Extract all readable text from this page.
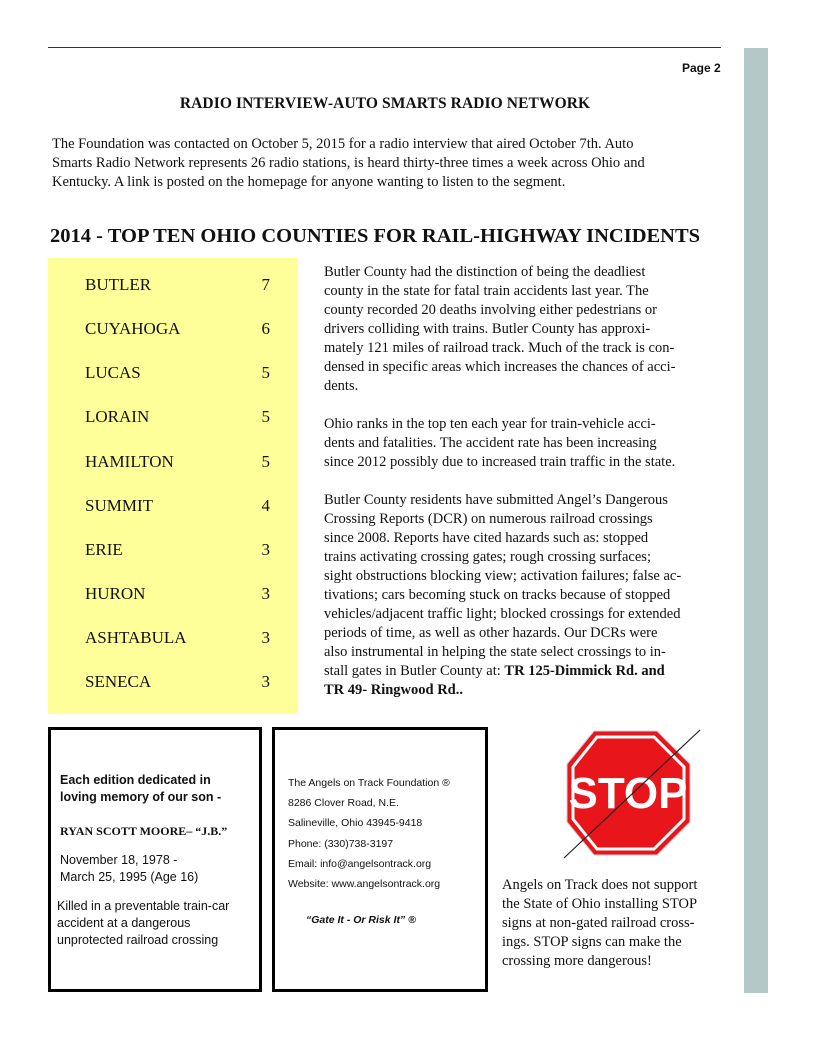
Page 2
RADIO INTERVIEW-AUTO SMARTS RADIO NETWORK
The Foundation was contacted on October 5, 2015 for a radio interview that aired October 7th. Auto
Smarts Radio Network represents 26 radio stations, is heard thirty-three times a week across Ohio and
Kentucky. A link is posted on the homepage for anyone wanting to listen to the segment.
2014 - TOP TEN OHIO COUNTIES FOR RAIL-HIGHWAY INCIDENTS
BUTLER	7
CUYAHOGA	6
LUCAS	5
LORAIN	5
HAMILTON	5
SUMMIT	4
ERIE	3
HURON	3
ASHTABULA	3
SENECA	3

Butler County had the distinction of being the deadliest
county in the state for fatal train accidents last year. The
county recorded 20 deaths involving either pedestrians or
drivers colliding with trains. Butler County has approxi-
mately 121 miles of railroad track. Much of the track is con-
densed in specific areas which increases the chances of acci-
dents.

Ohio ranks in the top ten each year for train-vehicle acci-
dents and fatalities. The accident rate has been increasing
since 2012 possibly due to increased train traffic in the state.

Butler County residents have submitted Angel’s Dangerous
Crossing Reports (DCR) on numerous railroad crossings
since 2008. Reports have cited hazards such as: stopped
trains activating crossing gates; rough crossing surfaces;
sight obstructions blocking view; activation failures; false ac-
tivations; cars becoming stuck on tracks because of stopped
vehicles/adjacent traffic light; blocked crossings for extended
periods of time, as well as other hazards. Our DCRs were
also instrumental in helping the state select crossings to in-
stall gates in Butler County at: TR 125-Dimmick Rd. and
TR 49- Ringwood Rd..

Each edition dedicated in
loving memory of our son -
RYAN SCOTT MOORE– “J.B.”
November 18, 1978 -
March 25, 1995 (Age 16)
Killed in a preventable train-car
accident at a dangerous
unprotected railroad crossing
The Angels on Track Foundation ®
8286 Clover Road, N.E.
Salineville, Ohio 43945-9418
Phone: (330)738-3197
Email: info@angelsontrack.org
Website: www.angelsontrack.org
“Gate It - Or Risk It” ®
STOP
Angels on Track does not support
the State of Ohio installing STOP
signs at non-gated railroad cross-
ings. STOP signs can make the
crossing more dangerous!
